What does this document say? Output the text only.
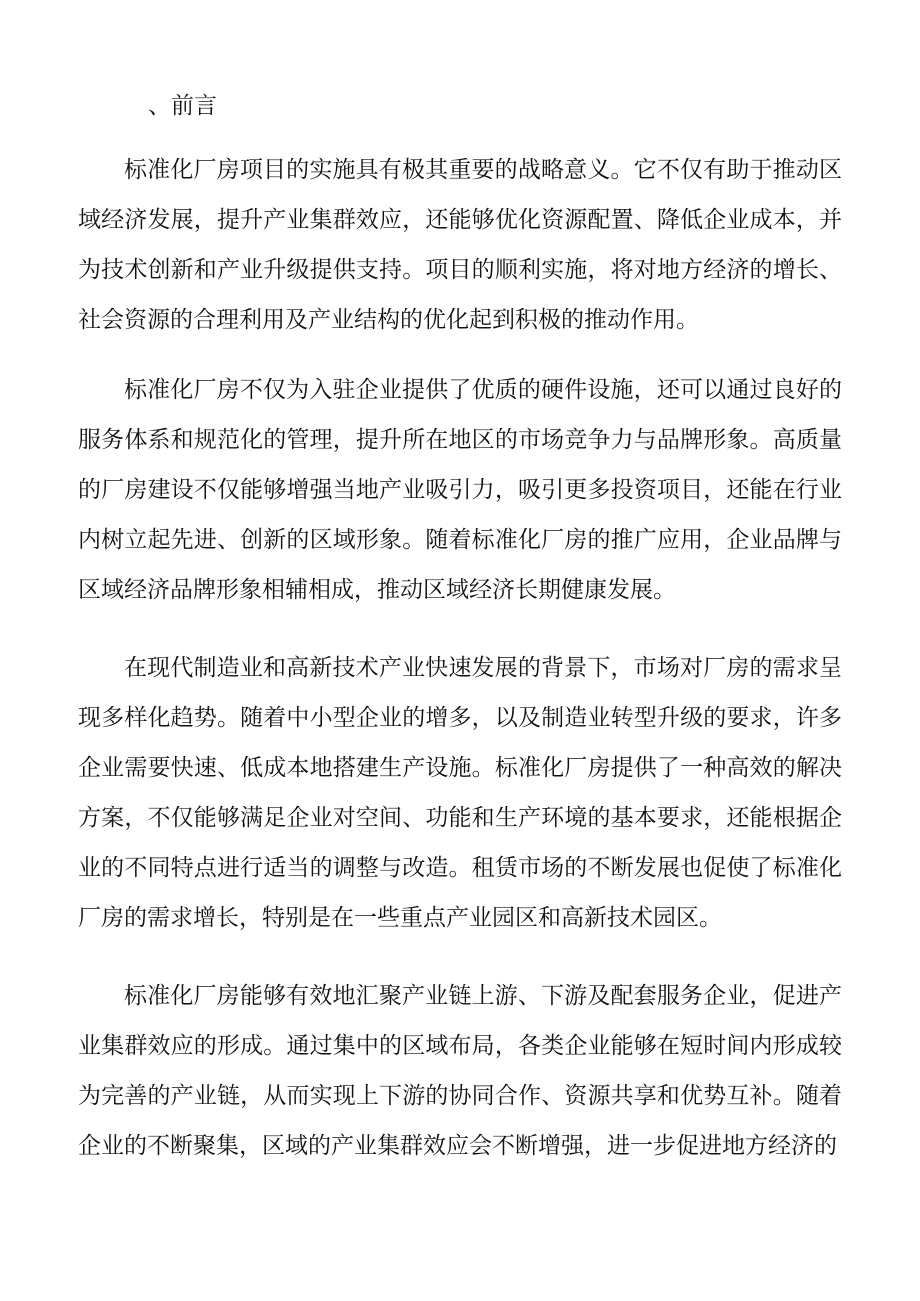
、前言

标准化厂房项目的实施具有极其重要的战略意义。它不仅有助于推动区域经济发展，提升产业集群效应，还能够优化资源配置、降低企业成本，并为技术创新和产业升级提供支持。项目的顺利实施，将对地方经济的增长、社会资源的合理利用及产业结构的优化起到积极的推动作用。

标准化厂房不仅为入驻企业提供了优质的硬件设施，还可以通过良好的服务体系和规范化的管理，提升所在地区的市场竞争力与品牌形象。高质量的厂房建设不仅能够增强当地产业吸引力，吸引更多投资项目，还能在行业内树立起先进、创新的区域形象。随着标准化厂房的推广应用，企业品牌与区域经济品牌形象相辅相成，推动区域经济长期健康发展。

在现代制造业和高新技术产业快速发展的背景下，市场对厂房的需求呈现多样化趋势。随着中小型企业的增多，以及制造业转型升级的要求，许多企业需要快速、低成本地搭建生产设施。标准化厂房提供了一种高效的解决方案，不仅能够满足企业对空间、功能和生产环境的基本要求，还能根据企业的不同特点进行适当的调整与改造。租赁市场的不断发展也促使了标准化厂房的需求增长，特别是在一些重点产业园区和高新技术园区。

标准化厂房能够有效地汇聚产业链上游、下游及配套服务企业，促进产业集群效应的形成。通过集中的区域布局，各类企业能够在短时间内形成较为完善的产业链，从而实现上下游的协同合作、资源共享和优势互补。随着企业的不断聚集，区域的产业集群效应会不断增强，进一步促进地方经济的
